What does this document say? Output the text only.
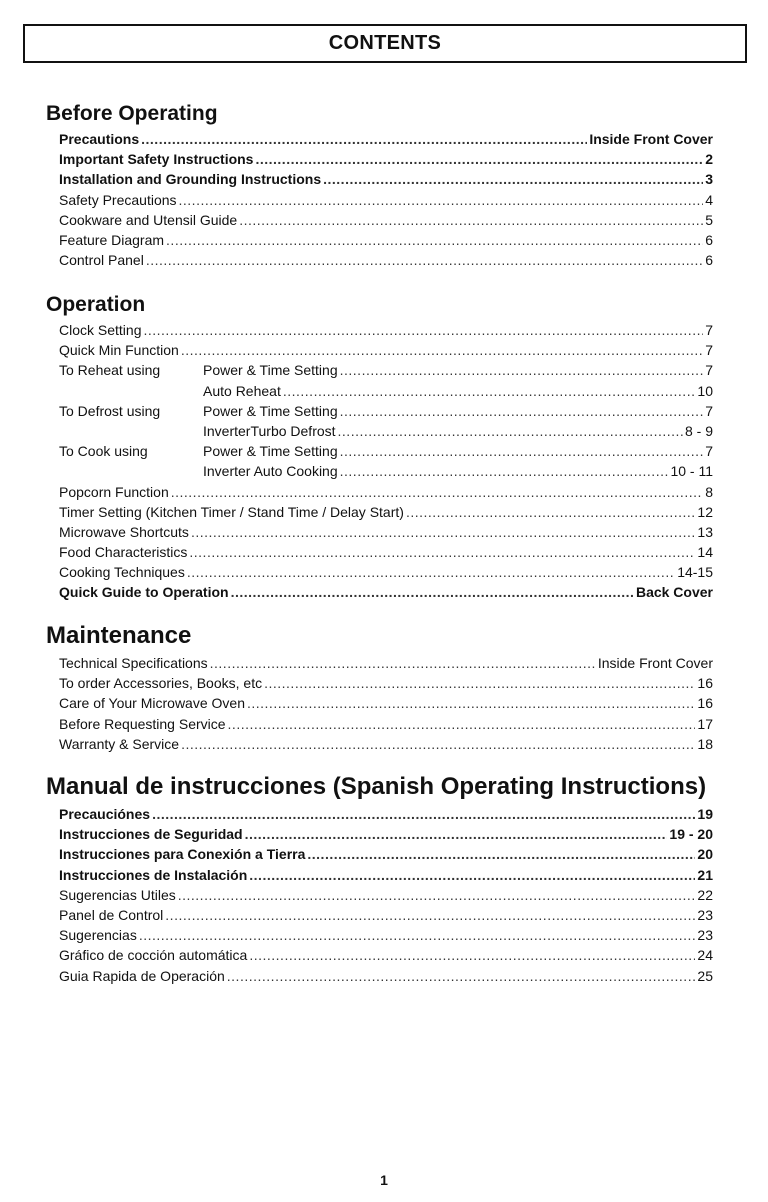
CONTENTS
Before Operating
Precautions .....	Inside Front Cover
Important Safety Instructions .....	2
Installation and Grounding Instructions .....	3
Safety Precautions .....	4
Cookware and Utensil Guide .....	5
Feature Diagram .....	6
Control Panel .....	6
Operation
Clock Setting .....	7
Quick Min Function .....	7
To Reheat using	Power & Time Setting .....	7
Auto Reheat .....	10
To Defrost using	Power & Time Setting .....	7
InverterTurbo Defrost .....	8 - 9
To Cook using	Power & Time Setting .....	7
Inverter Auto Cooking .....	10 - 11
Popcorn Function .....	8
Timer Setting (Kitchen Timer / Stand Time / Delay Start) .....	12
Microwave Shortcuts .....	13
Food Characteristics .....	14
Cooking Techniques .....	14-15
Quick Guide to Operation .....	Back Cover
Maintenance
Technical Specifications .....	Inside Front Cover
To order Accessories, Books, etc .....	16
Care of Your Microwave Oven .....	16
Before Requesting Service .....	17
Warranty & Service .....	18
Manual de instrucciones (Spanish Operating Instructions)
Precauciónes .....	19
Instrucciones de Seguridad .....	19 - 20
Instrucciones para Conexión a Tierra .....	20
Instrucciones de Instalación .....	21
Sugerencias Utiles .....	22
Panel de Control .....	23
Sugerencias .....	23
Gráfico de cocción automática .....	24
Guia Rapida de Operación .....	25
1
